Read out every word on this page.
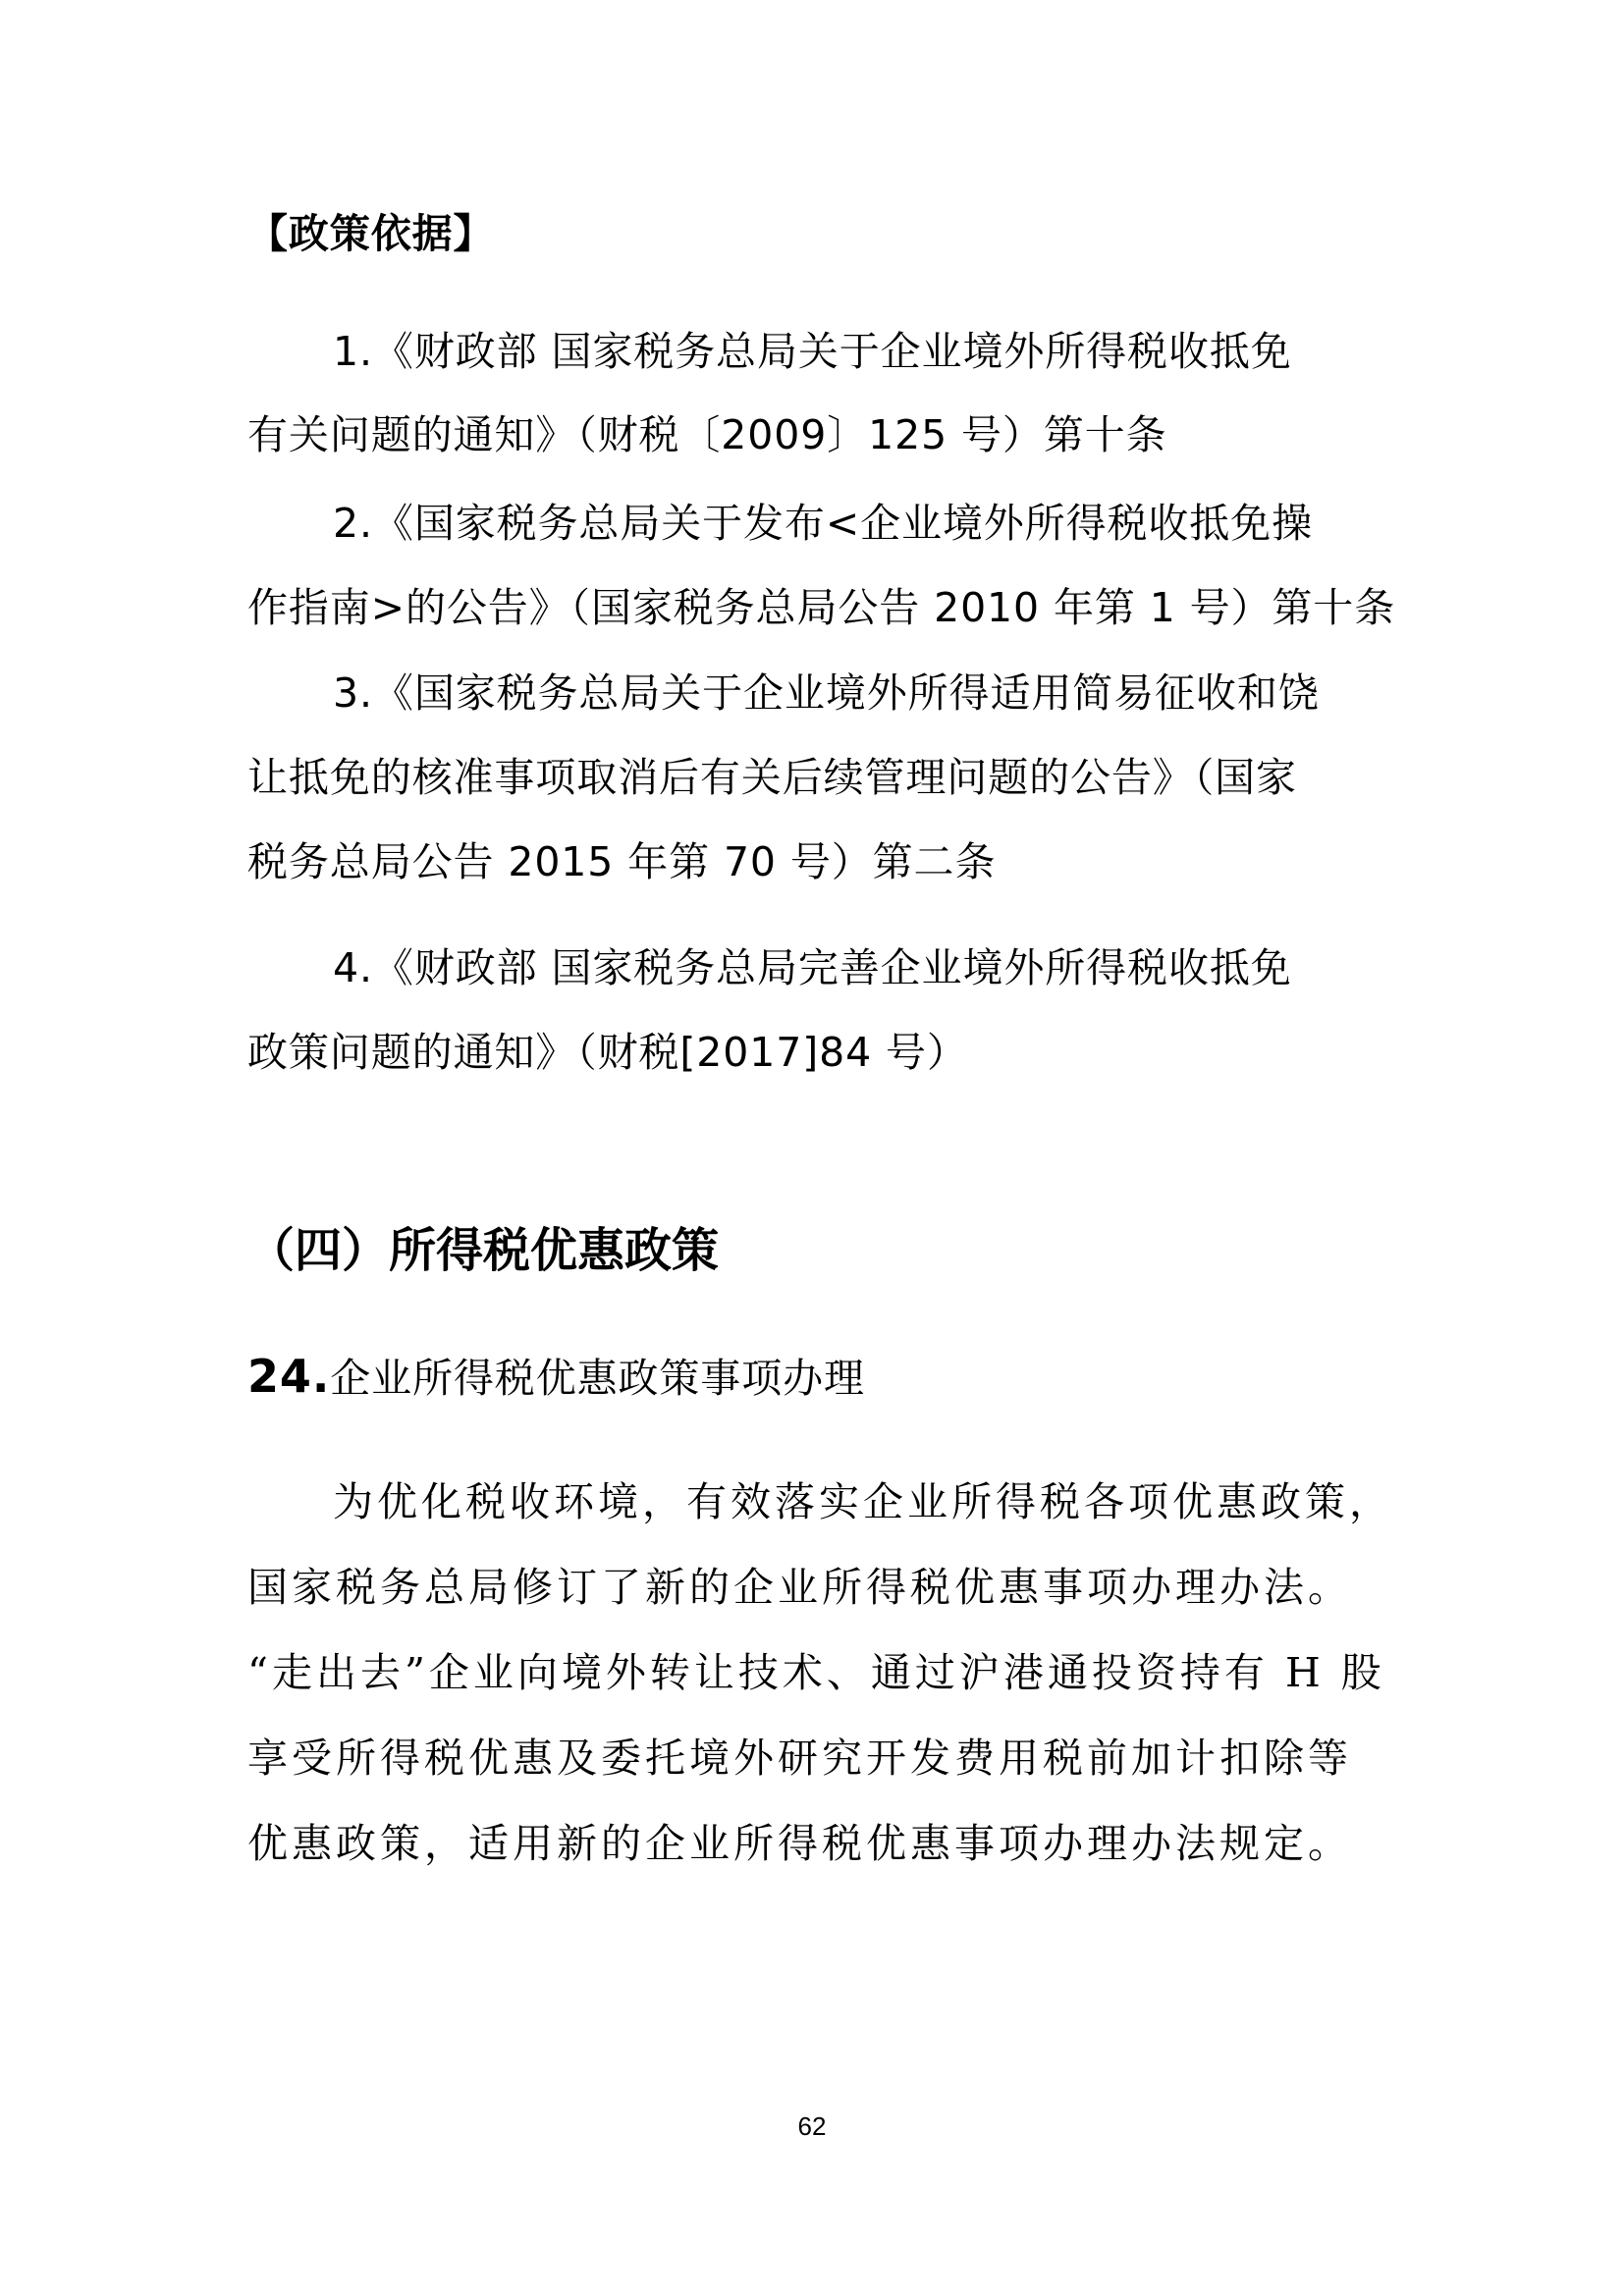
【政策依据】
1.《财政部 国家税务总局关于企业境外所得税收抵免
有关问题的通知》（财税〔2009〕125 号）第十条
2.《国家税务总局关于发布<企业境外所得税收抵免操
作指南>的公告》（国家税务总局公告 2010 年第 1 号）第十条
3.《国家税务总局关于企业境外所得适用简易征收和饶
让抵免的核准事项取消后有关后续管理问题的公告》（国家
税务总局公告 2015 年第 70 号）第二条
4.《财政部 国家税务总局完善企业境外所得税收抵免
政策问题的通知》（财税[2017]84 号）
（四）所得税优惠政策
24.企业所得税优惠政策事项办理
为优化税收环境，有效落实企业所得税各项优惠政策，
国家税务总局修订了新的企业所得税优惠事项办理办法。
“走出去”企业向境外转让技术、通过沪港通投资持有 H 股
享受所得税优惠及委托境外研究开发费用税前加计扣除等
优惠政策，适用新的企业所得税优惠事项办理办法规定。
62
